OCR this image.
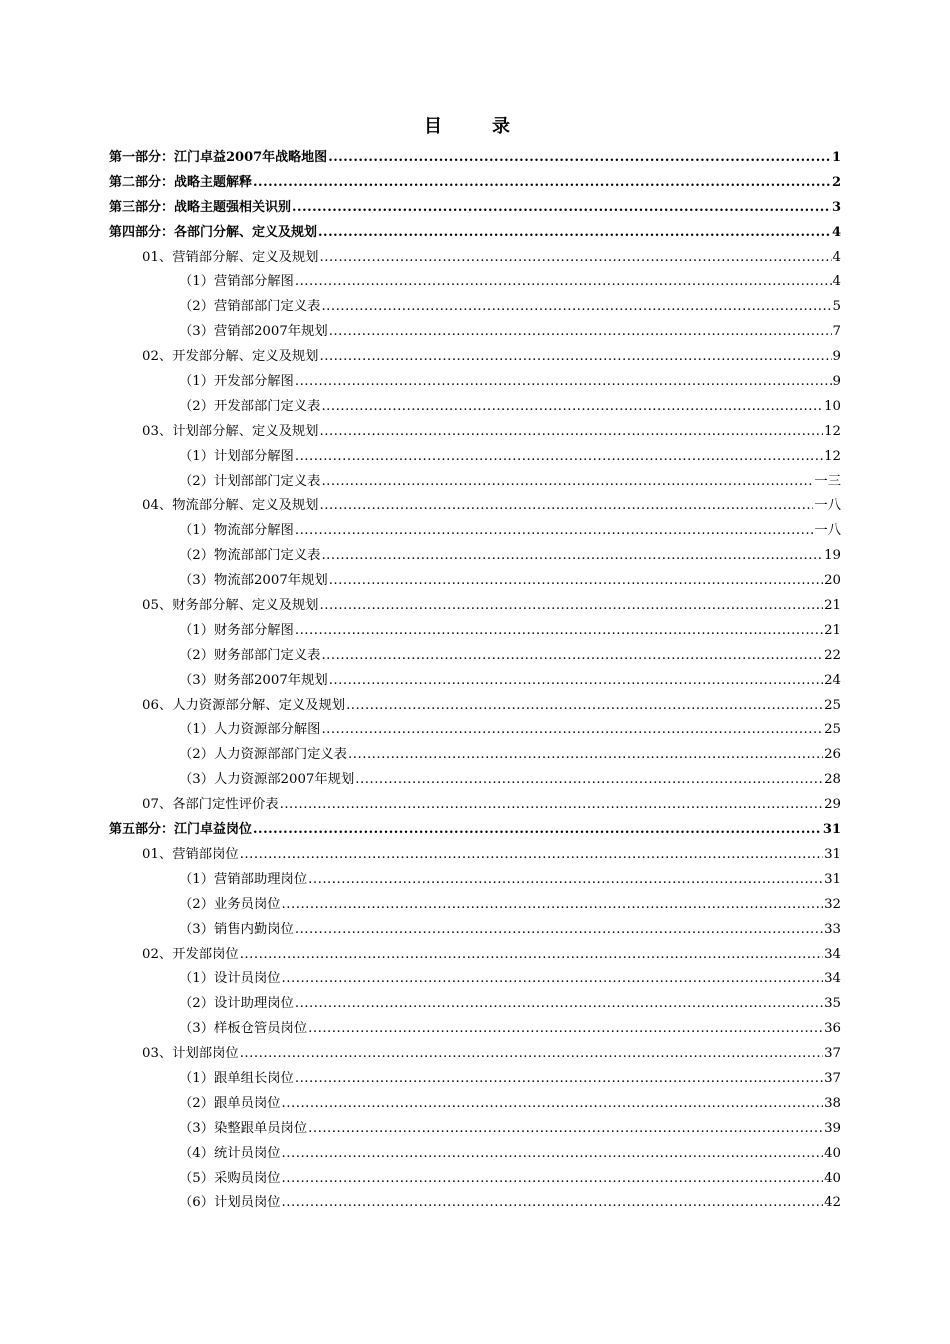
目　录
第一部分：江门卓益2007年战略地图 .....	1
第二部分：战略主题解释 .....	2
第三部分：战略主题强相关识别 .....	3
第四部分：各部门分解、定义及规划 .....	4
01、营销部分解、定义及规划 .....	4
（1）营销部分解图 .....	4
（2）营销部部门定义表 .....	5
（3）营销部2007年规划 .....	7
02、开发部分解、定义及规划 .....	9
（1）开发部分解图 .....	9
（2）开发部部门定义表 .....	10
03、计划部分解、定义及规划 .....	12
（1）计划部分解图 .....	12
（2）计划部部门定义表 .....	一三
04、物流部分解、定义及规划 .....	一八
（1）物流部分解图 .....	一八
（2）物流部部门定义表 .....	19
（3）物流部2007年规划 .....	20
05、财务部分解、定义及规划 .....	21
（1）财务部分解图 .....	21
（2）财务部部门定义表 .....	22
（3）财务部2007年规划 .....	24
06、人力资源部分解、定义及规划 .....	25
（1）人力资源部分解图 .....	25
（2）人力资源部部门定义表 .....	26
（3）人力资源部2007年规划 .....	28
07、各部门定性评价表 .....	29
第五部分：江门卓益岗位 .....	31
01、营销部岗位 .....	31
（1）营销部助理岗位 .....	31
（2）业务员岗位 .....	32
（3）销售内勤岗位 .....	33
02、开发部岗位 .....	34
（1）设计员岗位 .....	34
（2）设计助理岗位 .....	35
（3）样板仓管员岗位 .....	36
03、计划部岗位 .....	37
（1）跟单组长岗位 .....	37
（2）跟单员岗位 .....	38
（3）染整跟单员岗位 .....	39
（4）统计员岗位 .....	40
（5）采购员岗位 .....	40
（6）计划员岗位 .....	42
